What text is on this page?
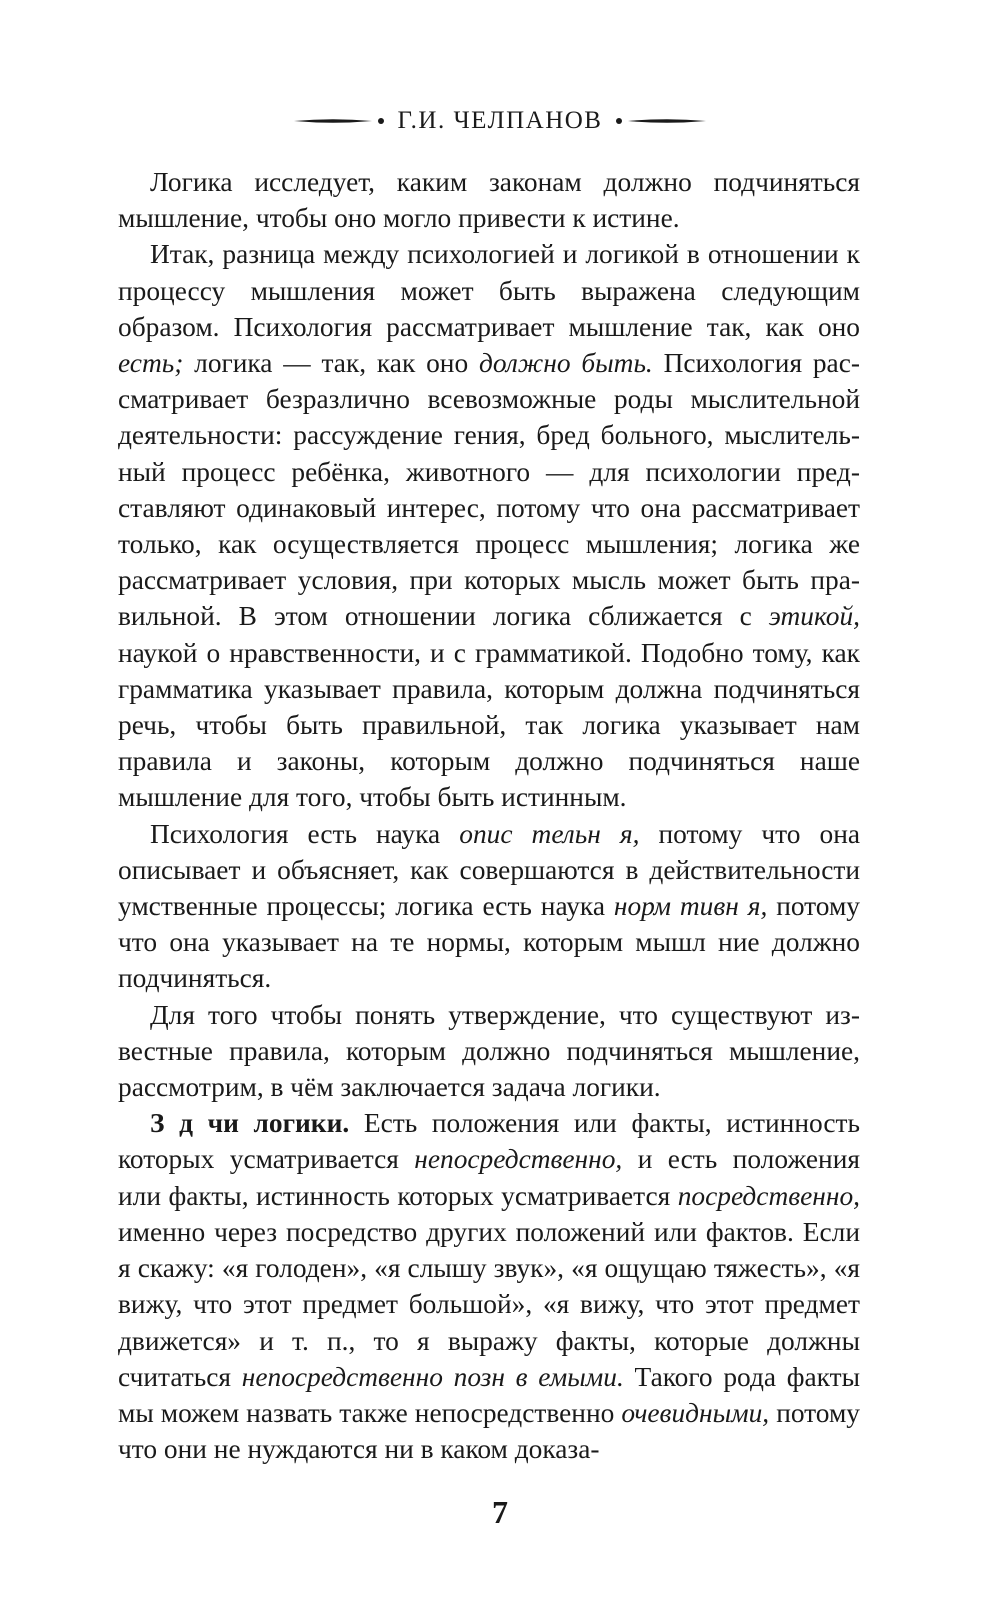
Г.И. ЧЕЛПАНОВ

Логика исследует, каким законам должно подчиняться мышление, чтобы оно могло привести к истине.

Итак, разница между психологией и логикой в отношении к процессу мышления может быть выражена следующим образом. Психология рассматривает мышление так, как оно есть; логика — так, как оно должно быть. Психология рассматривает безразлично всевозможные роды мыслительной деятельности: рассуждение гения, бред больного, мыслительный процесс ребёнка, животного — для психологии представляют одинаковый интерес, потому что она рассматривает только, как осуществляется процесс мышления; логика же рассматривает условия, при которых мысль может быть правильной. В этом отношении логика сближается с этикой, наукой о нравственности, и с грамматикой. Подобно тому, как грамматика указывает правила, которым должна подчиняться речь, чтобы быть правильной, так логика указывает нам правила и законы, которым должно подчиняться наше мышление для того, чтобы быть истинным.

Психология есть наука опис тельн я, потому что она описывает и объясняет, как совершаются в действительности умственные процессы; логика есть наука норм тивн я, потому что она указывает на те нормы, которым мышл ние должно подчиняться.

Для того чтобы понять утверждение, что существуют известные правила, которым должно подчиняться мышление, рассмотрим, в чём заключается задача логики.

З д чи логики. Есть положения или факты, истинность которых усматривается непосредственно, и есть положения или факты, истинность которых усматривается посредственно, именно через посредство других положений или фактов. Если я скажу: «я голоден», «я слышу звук», «я ощущаю тяжесть», «я вижу, что этот предмет большой», «я вижу, что этот предмет движется» и т. п., то я выражу факты, которые должны считаться непосредственно позн в емыми. Такого рода факты мы можем назвать также непосредственно очевидными, потому что они не нуждаются ни в каком доказа-

7
